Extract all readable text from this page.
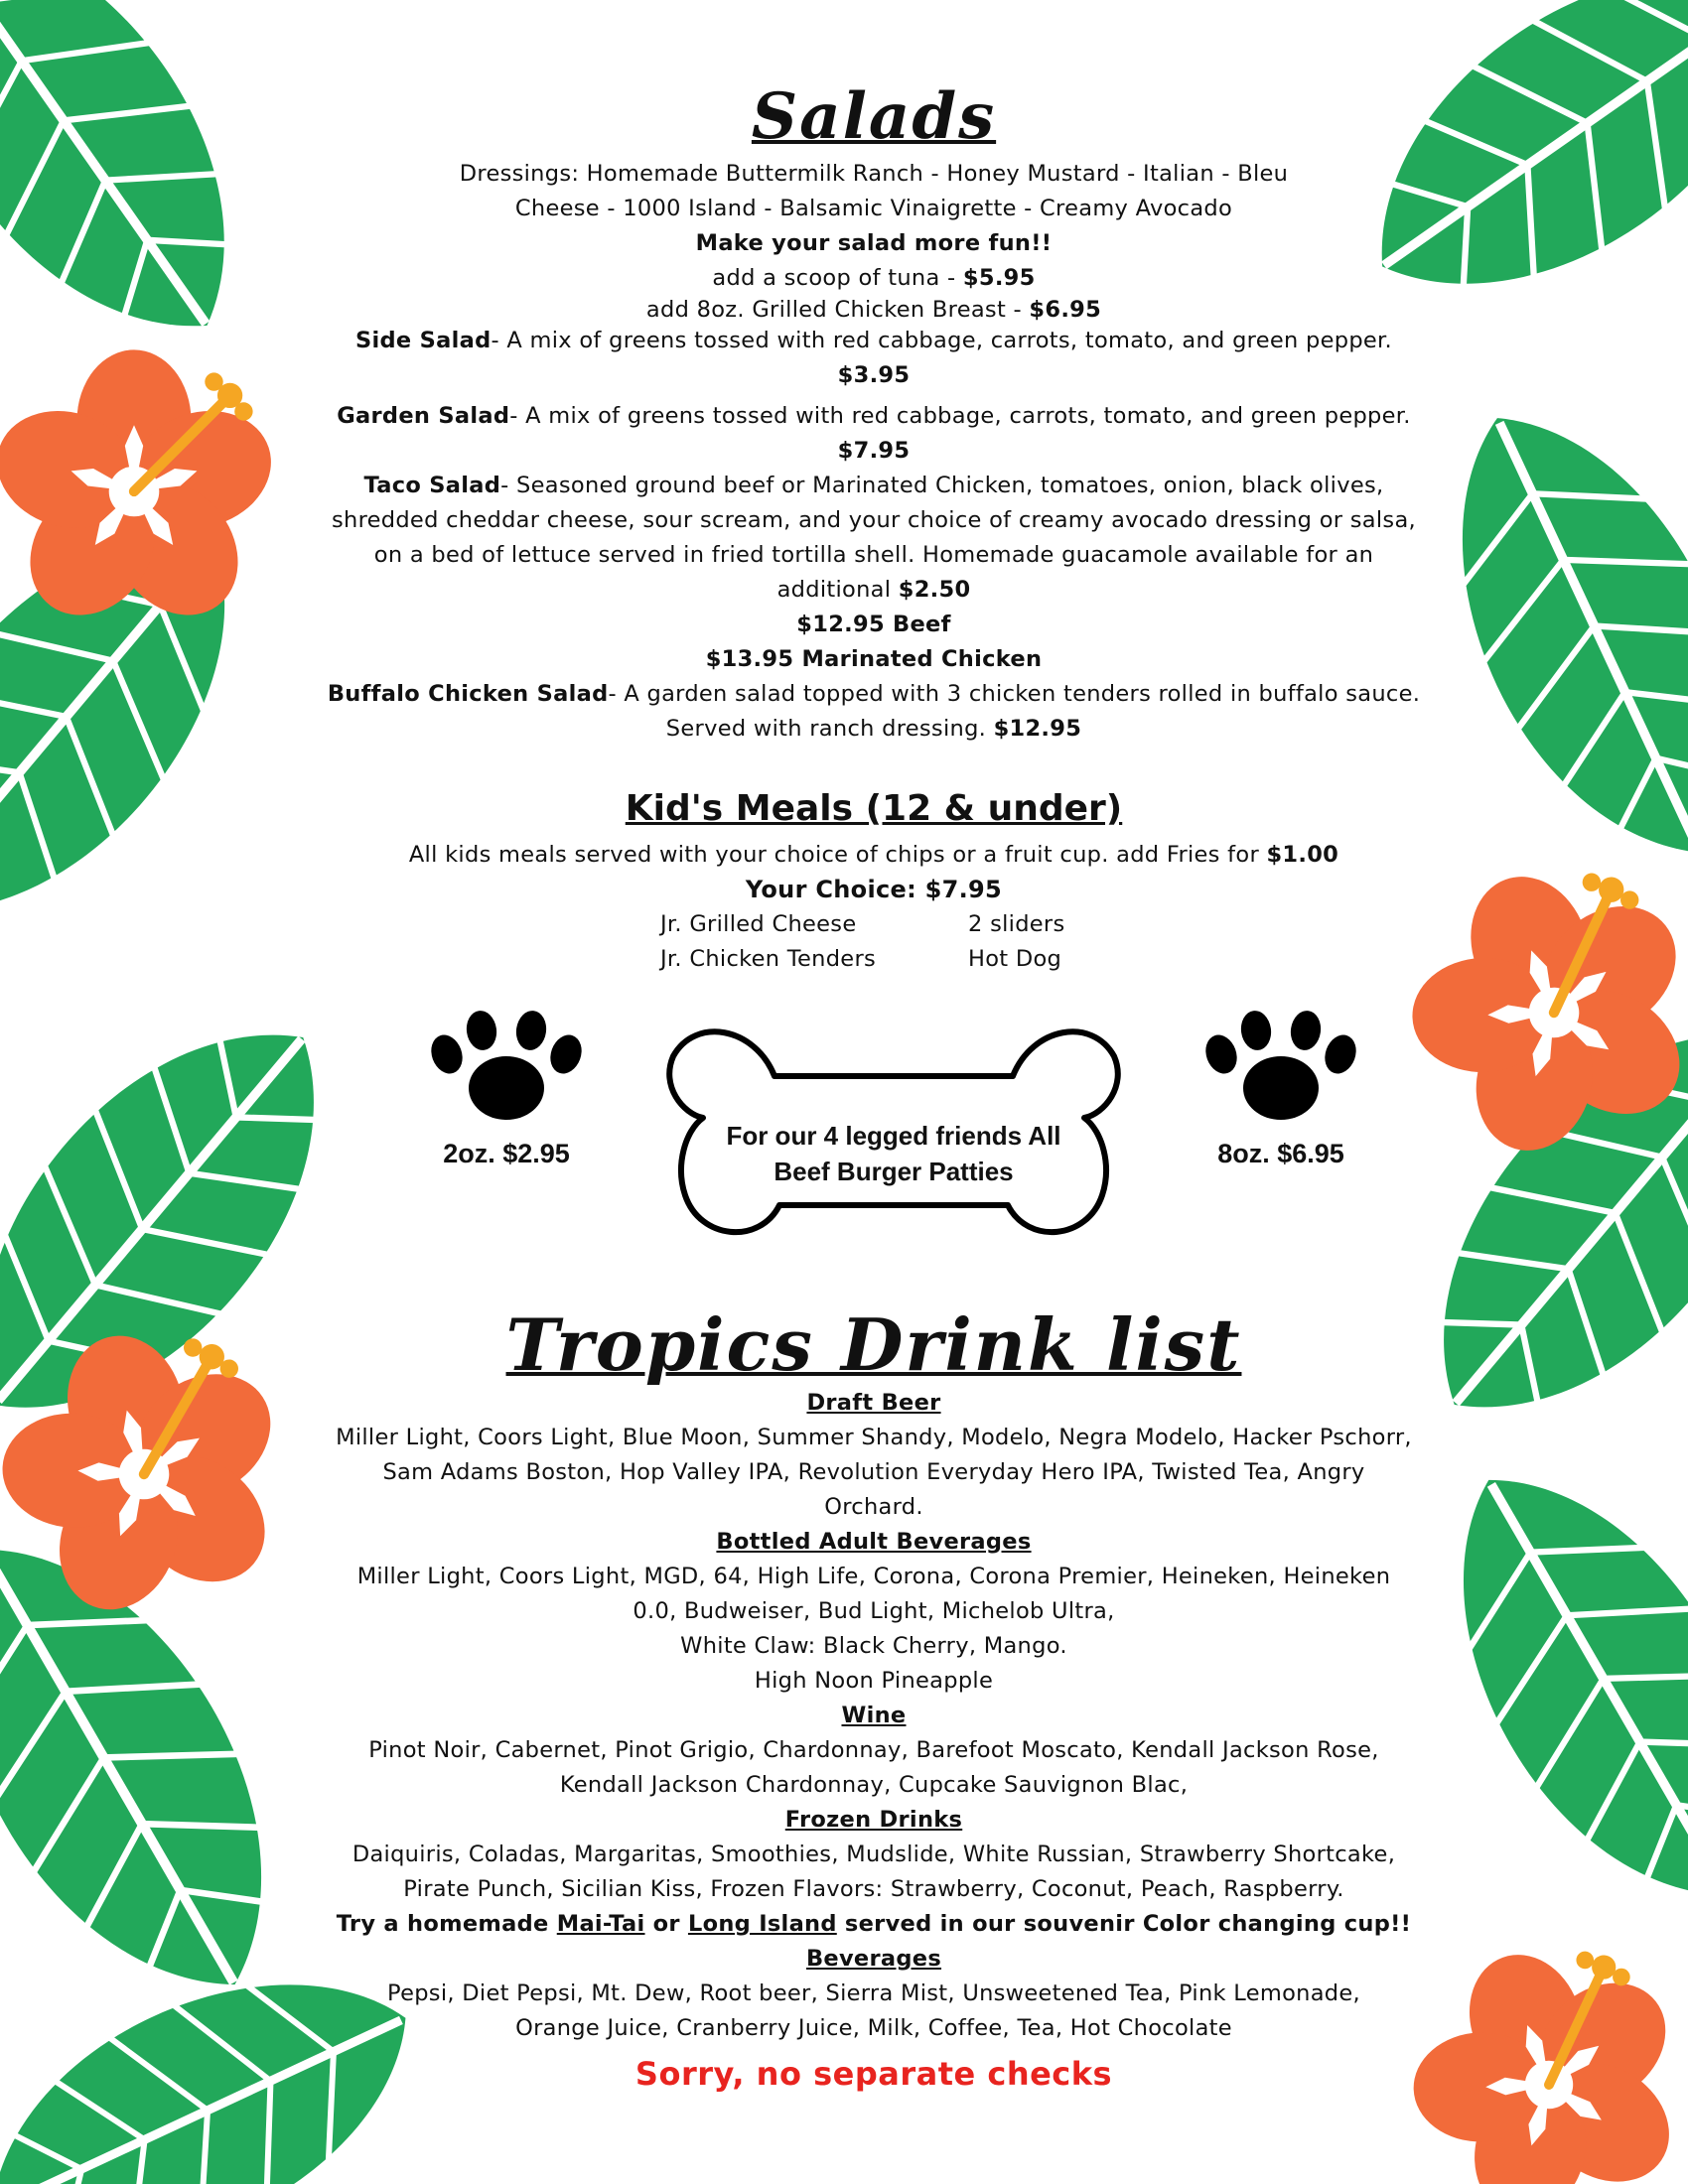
Salads
Dressings: Homemade Buttermilk Ranch - Honey Mustard - Italian - Bleu
Cheese - 1000 Island - Balsamic Vinaigrette - Creamy Avocado
Make your salad more fun!!
add a scoop of tuna - $5.95
add 8oz. Grilled Chicken Breast - $6.95
Side Salad- A mix of greens tossed with red cabbage, carrots, tomato, and green pepper.
$3.95
Garden Salad- A mix of greens tossed with red cabbage, carrots, tomato, and green pepper.
$7.95
Taco Salad- Seasoned ground beef or Marinated Chicken, tomatoes, onion, black olives,
shredded cheddar cheese, sour scream, and your choice of creamy avocado dressing or salsa,
on a bed of lettuce served in fried tortilla shell. Homemade guacamole available for an
additional $2.50
$12.95 Beef
$13.95 Marinated Chicken
Buffalo Chicken Salad- A garden salad topped with 3 chicken tenders rolled in buffalo sauce.
Served with ranch dressing. $12.95
Kid's Meals (12 & under)
All kids meals served with your choice of chips or a fruit cup. add Fries for $1.00
Your Choice: $7.95
Jr. Grilled Cheese	2 sliders
Jr. Chicken Tenders	Hot Dog
2oz. $2.95
For our 4 legged friends All
Beef Burger Patties
8oz. $6.95
Tropics Drink list
Draft Beer
Miller Light, Coors Light, Blue Moon, Summer Shandy, Modelo, Negra Modelo, Hacker Pschorr,
Sam Adams Boston, Hop Valley IPA, Revolution Everyday Hero IPA, Twisted Tea, Angry
Orchard.
Bottled Adult Beverages
Miller Light, Coors Light, MGD, 64, High Life, Corona, Corona Premier, Heineken, Heineken
0.0, Budweiser, Bud Light, Michelob Ultra,
White Claw: Black Cherry, Mango.
High Noon Pineapple
Wine
Pinot Noir, Cabernet, Pinot Grigio, Chardonnay, Barefoot Moscato, Kendall Jackson Rose,
Kendall Jackson Chardonnay, Cupcake Sauvignon Blac,
Frozen Drinks
Daiquiris, Coladas, Margaritas, Smoothies, Mudslide, White Russian, Strawberry Shortcake,
Pirate Punch, Sicilian Kiss, Frozen Flavors: Strawberry, Coconut, Peach, Raspberry.
Try a homemade Mai-Tai or Long Island served in our souvenir Color changing cup!!
Beverages
Pepsi, Diet Pepsi, Mt. Dew, Root beer, Sierra Mist, Unsweetened Tea, Pink Lemonade,
Orange Juice, Cranberry Juice, Milk, Coffee, Tea, Hot Chocolate
Sorry, no separate checks
